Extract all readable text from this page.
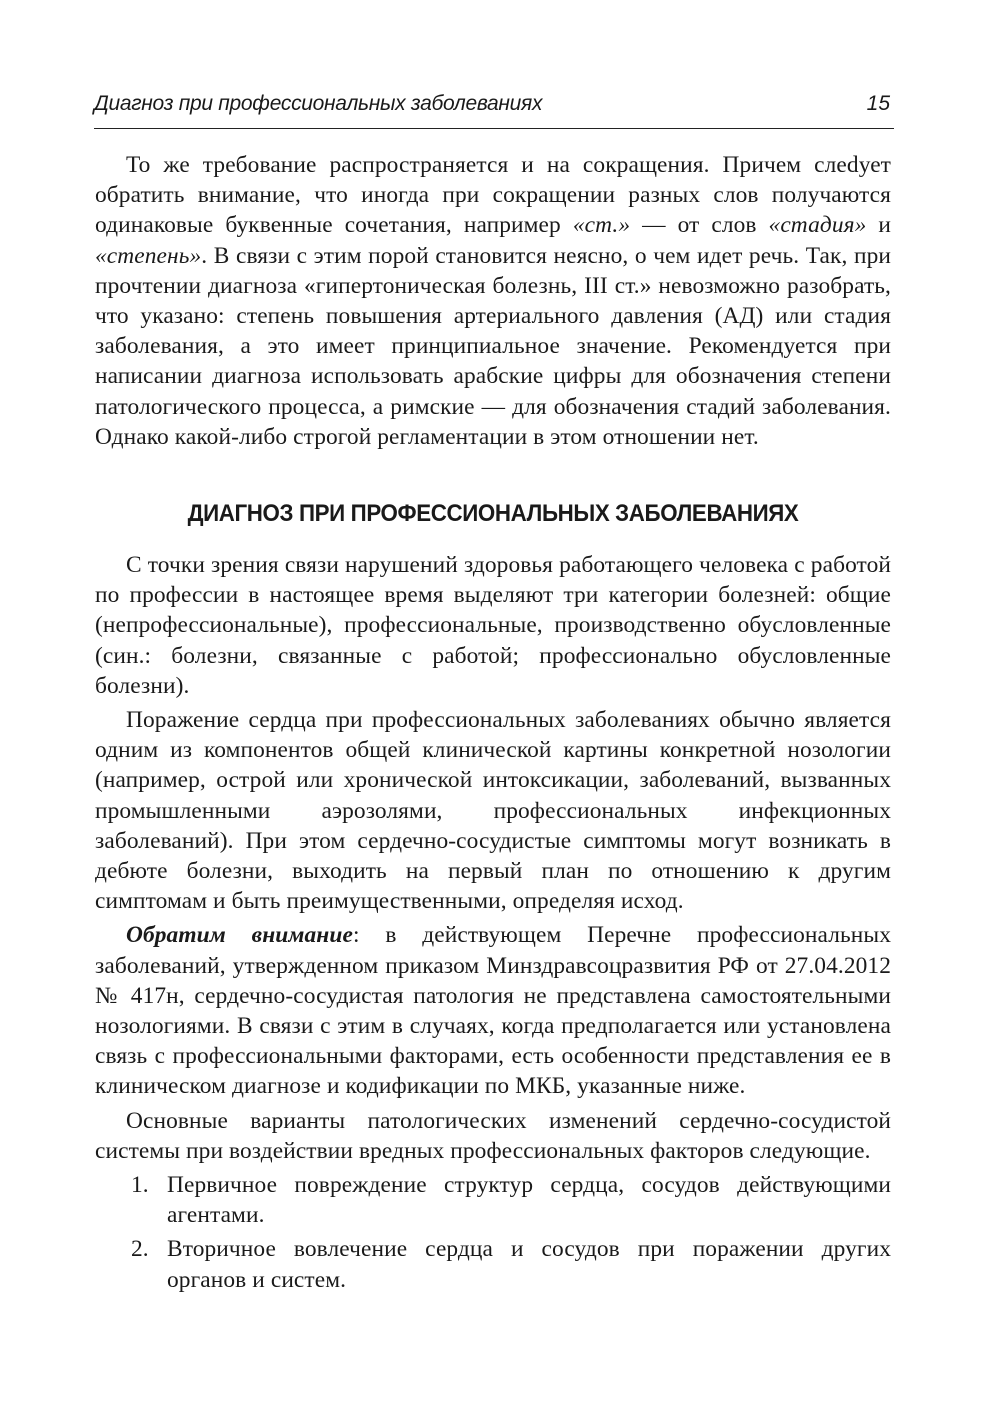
Диагноз при профессиональных заболеваниях	15

То же требование распространяется и на сокращения. Причем слеdует обратить внимание, что иногда при сокращении разных слов получаются одинаковые буквенные сочетания, например «ст.» — от слов «стадия» и «степень». В связи с этим порой становится неясно, о чем идет речь. Так, при прочтении диагноза «гипертоническая болезнь, III ст.» невозможно разобрать, что указано: степень повышения артериального давления (АД) или стадия заболевания, а это имеет принципиальное значение. Рекомендуется при написании диагноза использовать арабские цифры для обозначения степени патологического процесса, а римские — для обозначения стадий заболевания. Однако какой-либо строгой регламентации в этом отношении нет.

ДИАГНОЗ ПРИ ПРОФЕССИОНАЛЬНЫХ ЗАБОЛЕВАНИЯХ

С точки зрения связи нарушений здоровья работающего человека с работой по профессии в настоящее время выделяют три категории болезней: общие (непрофессиональные), профессиональные, производственно обусловленные (син.: болезни, связанные с работой; профессионально обусловленные болезни).

Поражение сердца при профессиональных заболеваниях обычно является одним из компонентов общей клинической картины конкретной нозологии (например, острой или хронической интоксикации, заболеваний, вызванных промышленными аэрозолями, профессиональных инфекционных заболеваний). При этом сердечно-сосудистые симптомы могут возникать в дебюте болезни, выходить на первый план по отношению к другим симптомам и быть преимущественными, определяя исход.

Обратим внимание: в действующем Перечне профессиональных заболеваний, утвержденном приказом Минздравсоцразвития РФ от 27.04.2012 № 417н, сердечно-сосудистая патология не представлена самостоятельными нозологиями. В связи с этим в случаях, когда предполагается или установлена связь с профессиональными факторами, есть особенности представления ее в клиническом диагнозе и кодификации по МКБ, указанные ниже.

Основные варианты патологических изменений сердечно-сосудистой системы при воздействии вредных профессиональных факторов следующие.

1. Первичное повреждение структур сердца, сосудов действующими агентами.
2. Вторичное вовлечение сердца и сосудов при поражении других органов и систем.
